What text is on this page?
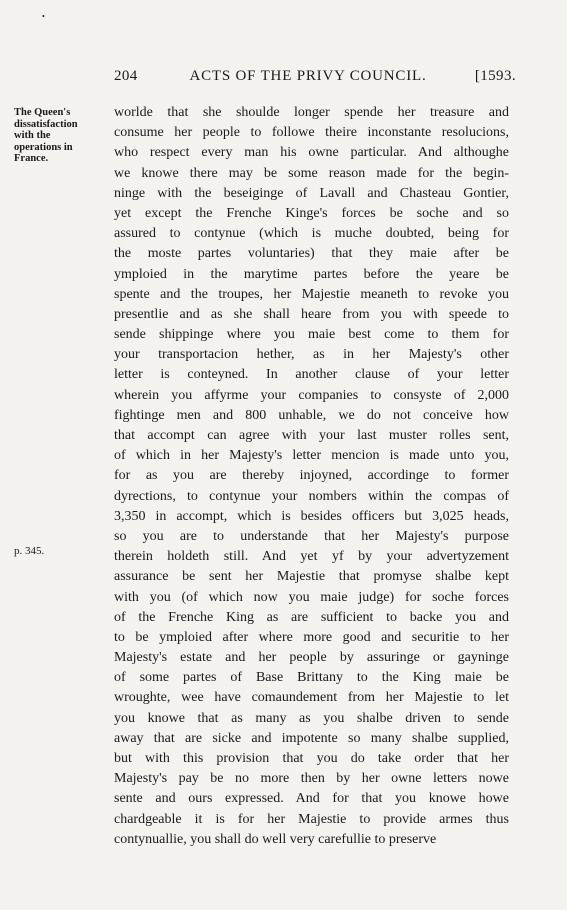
•
204	ACTS OF THE PRIVY COUNCIL.	[1593.
The Queen's
dissatisfaction
with the
operations in
France.
p. 345.
worlde that she shoulde longer spende her treasure and
consume her people to followe theire inconstante resolucions,
who respect every man his owne particular. And althoughe
we knowe there may be some reason made for the begin-
ninge with the beseiginge of Lavall and Chasteau Gontier,
yet except the Frenche Kinge's forces be soche and so
assured to contynue (which is muche doubted, being for
the moste partes voluntaries) that they maie after be
ymploied in the marytime partes before the yeare be
spente and the troupes, her Majestie meaneth to revoke you
presentlie and as she shall heare from you with speede to
sende shippinge where you maie best come to them for
your transportacion hether, as in her Majesty's other
letter is conteyned. In another clause of your letter
wherein you affyrme your companies to consyste of 2,000
fightinge men and 800 unhable, we do not conceive how
that accompt can agree with your last muster rolles sent,
of which in her Majesty's letter mencion is made unto you,
for as you are thereby injoyned, accordinge to former
dyrections, to contynue your nombers within the compas of
3,350 in accompt, which is besides officers but 3,025 heads,
so you are to understande that her Majesty's purpose
therein holdeth still. And yet yf by your advertyzement
assurance be sent her Majestie that promyse shalbe kept
with you (of which now you maie judge) for soche forces
of the Frenche King as are sufficient to backe you and
to be ymploied after where more good and securitie to her
Majesty's estate and her people by assuringe or gayninge
of some partes of Base Brittany to the King maie be
wroughte, wee have comaundement from her Majestie to let
you knowe that as many as you shalbe driven to sende
away that are sicke and impotente so many shalbe supplied,
but with this provision that you do take order that her
Majesty's pay be no more then by her owne letters nowe
sente and ours expressed. And for that you knowe howe
chardgeable it is for her Majestie to provide armes thus
contynuallie, you shall do well very carefullie to preserve
